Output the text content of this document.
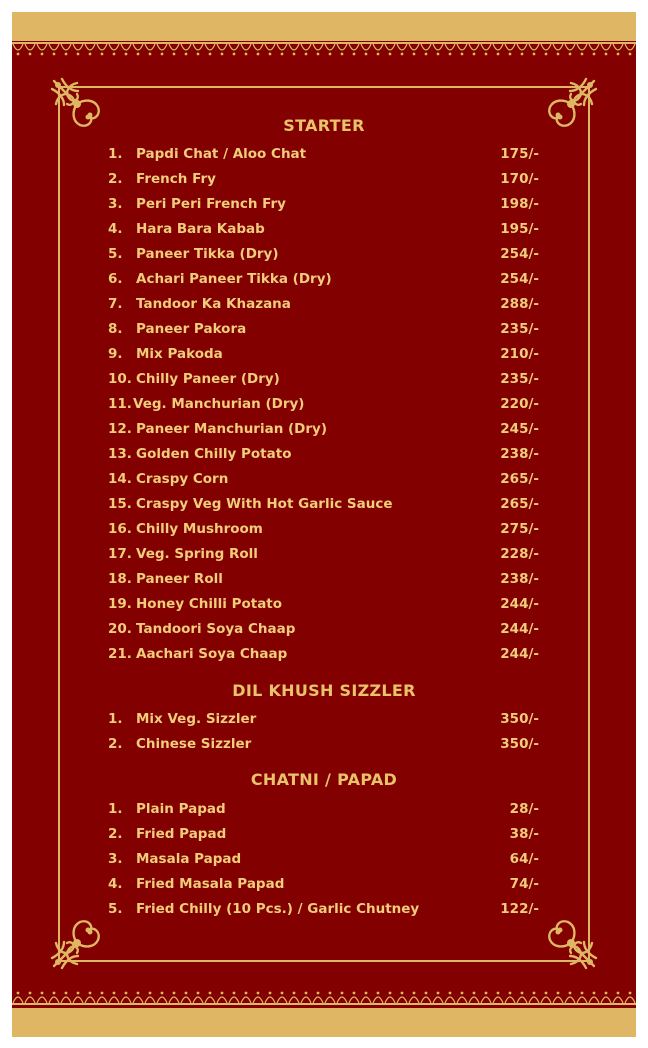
STARTER
1. Papdi Chat / Aloo Chat	175/-
2. French Fry	170/-
3. Peri Peri French Fry	198/-
4. Hara Bara Kabab	195/-
5. Paneer Tikka (Dry)	254/-
6. Achari Paneer Tikka (Dry)	254/-
7. Tandoor Ka Khazana	288/-
8. Paneer Pakora	235/-
9. Mix Pakoda	210/-
10. Chilly Paneer (Dry)	235/-
11. Veg. Manchurian (Dry)	220/-
12. Paneer Manchurian (Dry)	245/-
13. Golden Chilly Potato	238/-
14. Craspy Corn	265/-
15. Craspy Veg With Hot Garlic Sauce	265/-
16. Chilly Mushroom	275/-
17. Veg. Spring Roll	228/-
18. Paneer Roll	238/-
19. Honey Chilli Potato	244/-
20. Tandoori Soya Chaap	244/-
21. Aachari Soya Chaap	244/-
DIL KHUSH SIZZLER
1. Mix Veg. Sizzler	350/-
2. Chinese Sizzler	350/-
CHATNI / PAPAD
1. Plain Papad	28/-
2. Fried Papad	38/-
3. Masala Papad	64/-
4. Fried Masala Papad	74/-
5. Fried Chilly (10 Pcs.) / Garlic Chutney	122/-
